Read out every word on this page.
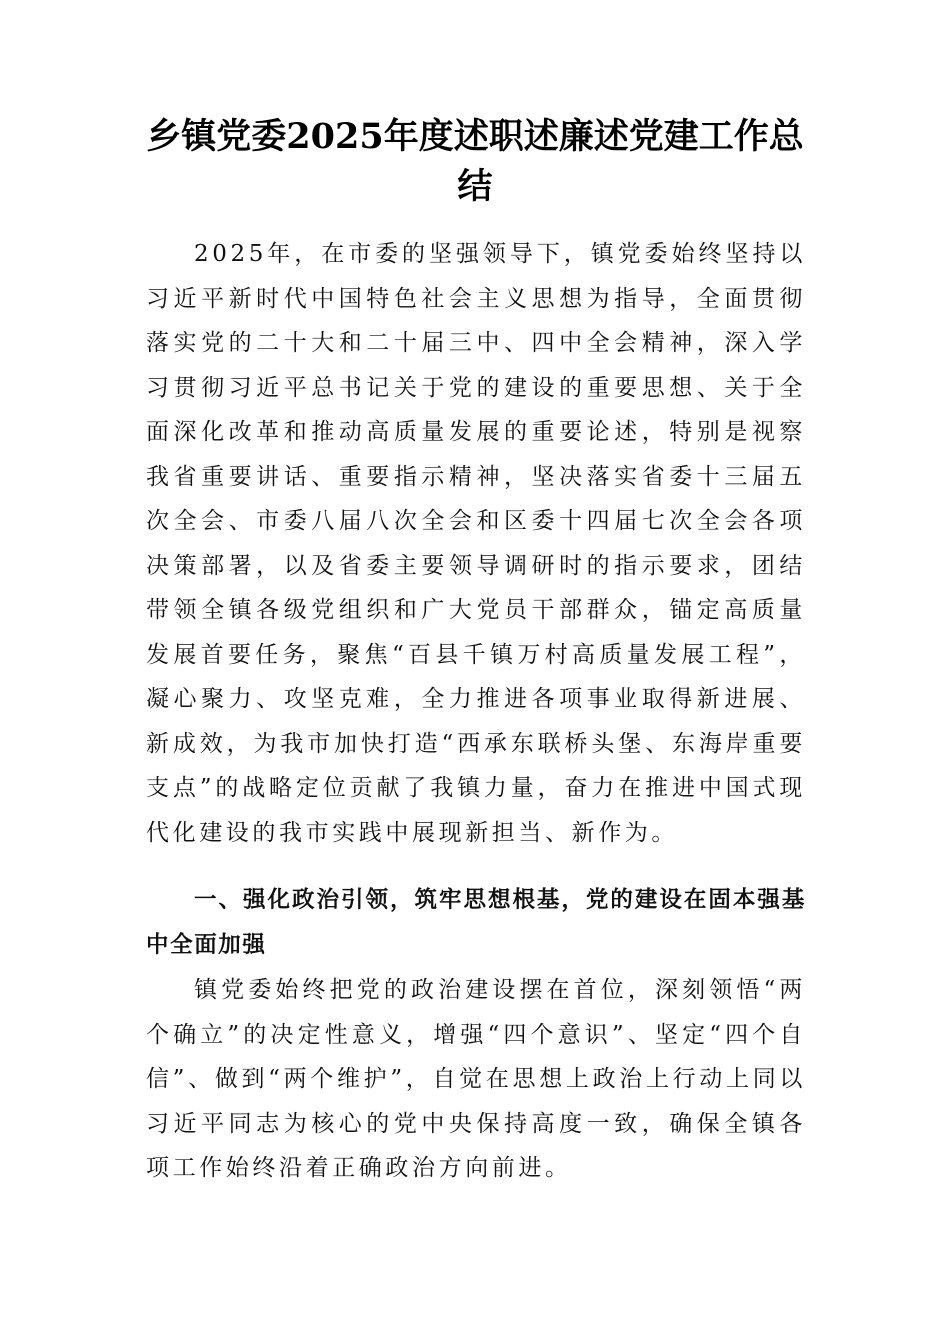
乡镇党委2025年度述职述廉述党建工作总结

2025年，在市委的坚强领导下，镇党委始终坚持以习近平新时代中国特色社会主义思想为指导，全面贯彻落实党的二十大和二十届三中、四中全会精神，深入学习贯彻习近平总书记关于党的建设的重要思想、关于全面深化改革和推动高质量发展的重要论述，特别是视察我省重要讲话、重要指示精神，坚决落实省委十三届五次全会、市委八届八次全会和区委十四届七次全会各项决策部署，以及省委主要领导调研时的指示要求，团结带领全镇各级党组织和广大党员干部群众，锚定高质量发展首要任务，聚焦“百县千镇万村高质量发展工程”，凝心聚力、攻坚克难，全力推进各项事业取得新进展、新成效，为我市加快打造“西承东联桥头堡、东海岸重要支点”的战略定位贡献了我镇力量，奋力在推进中国式现代化建设的我市实践中展现新担当、新作为。

一、强化政治引领，筑牢思想根基，党的建设在固本强基中全面加强

镇党委始终把党的政治建设摆在首位，深刻领悟“两个确立”的决定性意义，增强“四个意识”、坚定“四个自信”、做到“两个维护”，自觉在思想上政治上行动上同以习近平同志为核心的党中央保持高度一致，确保全镇各项工作始终沿着正确政治方向前进。
